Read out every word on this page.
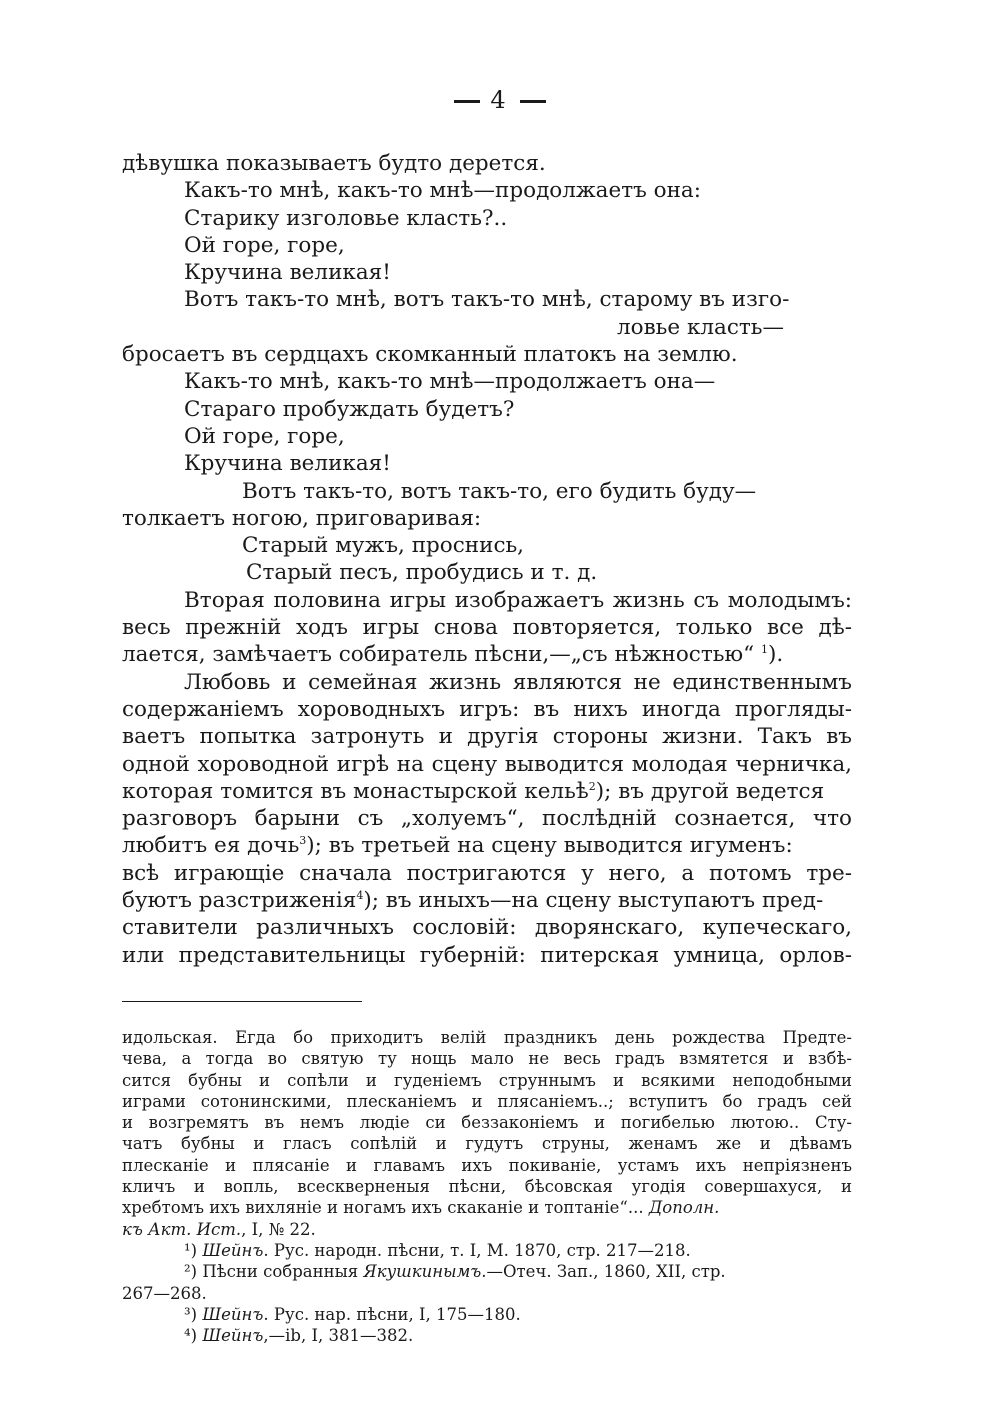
4
дѣвушка показываетъ будто дерется.
Какъ-то мнѣ, какъ-то мнѣ—продолжаетъ она:
Старику изголовье класть?..
Ой горе, горе,
Кручина великая!
Вотъ такъ-то мнѣ, вотъ такъ-то мнѣ, старому въ изго-
ловье класть—
бросаетъ въ сердцахъ скомканный платокъ на землю.
Какъ-то мнѣ, какъ-то мнѣ—продолжаетъ она—
Стараго пробуждать будетъ?
Ой горе, горе,
Кручина великая!
Вотъ такъ-то, вотъ такъ-то, его будить буду—
толкаетъ ногою, приговаривая:
Старый мужъ, проснись,
Старый песъ, пробудись и т. д.
Вторая половина игры изображаетъ жизнь съ молодымъ:
весь прежній ходъ игры снова повторяется, только все дѣ-
лается, замѣчаетъ собиратель пѣсни,—„съ нѣжностью“ $^1$).
Любовь и семейная жизнь являются не единственнымъ
содержаніемъ хороводныхъ игръ: въ нихъ иногда прогляды-
ваетъ попытка затронуть и другія стороны жизни. Такъ въ
одной хороводной игрѣ на сцену выводится молодая черничка,
которая томится въ монастырской кельѣ$^2$); въ другой ведется
разговоръ барыни съ „холуемъ“, послѣдній сознается, что
любитъ ея дочь$^3$); въ третьей на сцену выводится игуменъ:
всѣ играющіе сначала постригаются у него, а потомъ тре-
буютъ разстриженія$^4$); въ иныхъ—на сцену выступаютъ пред-
ставители различныхъ сословій: дворянскаго, купеческаго,
или представительницы губерній: питерская умница, орлов-
идольская. Егда бо приходитъ велій праздникъ день рождества Предте-
чева, а тогда во святую ту нощь мало не весь градъ взмятется и взбѣ-
сится бубны и сопѣли и гуденіемъ струннымъ и всякими неподобными
играми сотонинскими, плесканіемъ и плясаніемъ..; вступитъ бо градъ сей
и возгремятъ въ немъ людіе си беззаконіемъ и погибелью лютою.. Сту-
чатъ бубны и гласъ сопѣлій и гудутъ струны, женамъ же и дѣвамъ
плесканіе и плясаніе и главамъ ихъ покиваніе, устамъ ихъ непріязненъ
кличъ и вопль, всескверненыя пѣсни, бѣсовская угодія совершахуся, и
хребтомъ ихъ вихляніе и ногамъ ихъ скаканіе и топтаніе“... Дополн.
къ Акт. Ист., I, № 22.
¹) Шейнъ. Рус. народн. пѣсни, т. I, М. 1870, стр. 217—218.
²) Пѣсни собранныя Якушкинымъ.—Отеч. Зап., 1860, XII, стр.
267—268.
³) Шейнъ. Рус. нар. пѣсни, I, 175—180.
⁴) Шейнъ,—ib, I, 381—382.
